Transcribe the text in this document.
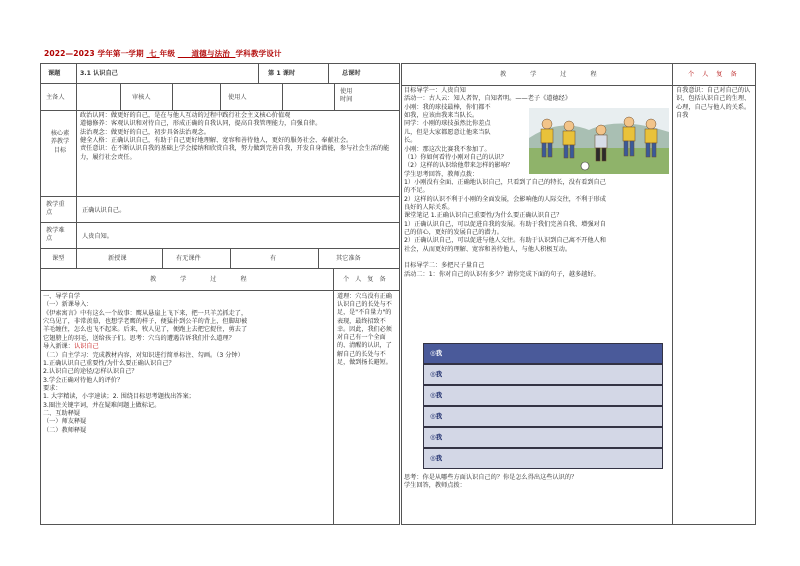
2022—2023 学年第一学期 七 年级 道德与法治 学科教学设计
课题	3.1 认识自己	第 1 课时	总课时
主备人	审核人	使用人
使用时间
核心素养教学目标

政治认同：做更好的自己，是在与他人互动的过程中践行社会主义核心价值观

道德修养：客观认识和对待自己，形成正确的自我认同，提高自我管理能力，自强自律。

法治观念：做更好的自己，初步具备法治观念。

健全人格：正确认识自己，有助于自己更好地理解、宽容和善待他人，更好的服务社会、奉献社会。

责任意识：在不断认识自我的基础上学会接纳和欣赏自我，努力做到完善自我，开发自身潜能，参与社会生活的能力，履行社会责任。

教学重点	正确认识自己。
教学难点	人贵自知。
课型	新授课	有无课件	有	其它准备
教 学 过 程	个 人 复 备

一、导学自学

（一）新课导入：

《伊索寓言》中有这么一个故事：鹰从悬崖上飞下来，把一只羊羔抓走了，

穴乌见了，非常羡慕，也想学老鹰的样子，便猛扑到公羊的背上，但脚却被

羊毛缠住，怎么也飞不起来。后来，牧人见了，便跑上去把它捉住，剪去了

它翅膀上的羽毛，送给孩子们。思考：穴乌的遭遇告诉我们什么道理？

导入新课：认识自己

（二）自主学习：完成教材内容，对知识进行简单标注、勾画。（3 分钟）

1.正确认识自己重要性/为什么要正确认识自己？

2.认识自己的途径/怎样认识自己？

3.学会正确对待他人的评价？

要求：

1. 大字精读，小字速读；2. 围绕目标思考题找出答案；

3.圈注关键字词，并在疑难问题上做标记。

二、互助释疑

（一）师友释疑

（二）教师释疑

道理：穴乌没有正确认识自己的长处与不足，是"不自量力"的表现，最终招致不幸。因此，我们必须对自己有一个全面的、清醒的认识，了解自己的长处与不足，做到扬长避短。
教 学 过 程	个 人 复 备

目标导学一：人贵自知

活动一：古人云：知人者智，自知者明。——老子《道德经》

小刚：我的球技最棒，你们都不

如我，应该由我来当队长。

同学：小刚的球技虽然比你差点

儿，但是大家都愿意让他来当队

长。

小刚：那这次比赛我不参加了。

（1）你如何看待小刚对自己的认识？

（2）这样的认识给他带来怎样的影响？

学生思考回答，教师点拨：

1）小刚没有全面、正确地认识自己，只看到了自己的特长，没有看到自己

的不足。

2）这样的认识不利于小刚的全面发展，会影响他的人际交往，不利于形成

良好的人际关系。

课堂笔记 1.正确认识自己重要性/为什么要正确认识自己？

1）正确认识自己，可以促进自我的发展。有助于我们完善自我、增强对自

己的信心，更好的发展自己的潜力。

2）正确认识自己，可以促进与他人交往。有助于认识到自己离不开他人和

社会，从而更好的理解、宽容和善待他人，与他人积极互动。

目标导学二：多把尺子量自己

活动二：1：你对自己的认识有多少？请你完成下面的句子，越多越好。

◎我
◎我
◎我
◎我
◎我
◎我

思考：你是从哪些方面认识自己的？你是怎么得出这些认识的？

学生回答，教师点拨：

自我意识：自己对自己的认识，包括认识自己的生理、心理，自己与他人的关系。自我
